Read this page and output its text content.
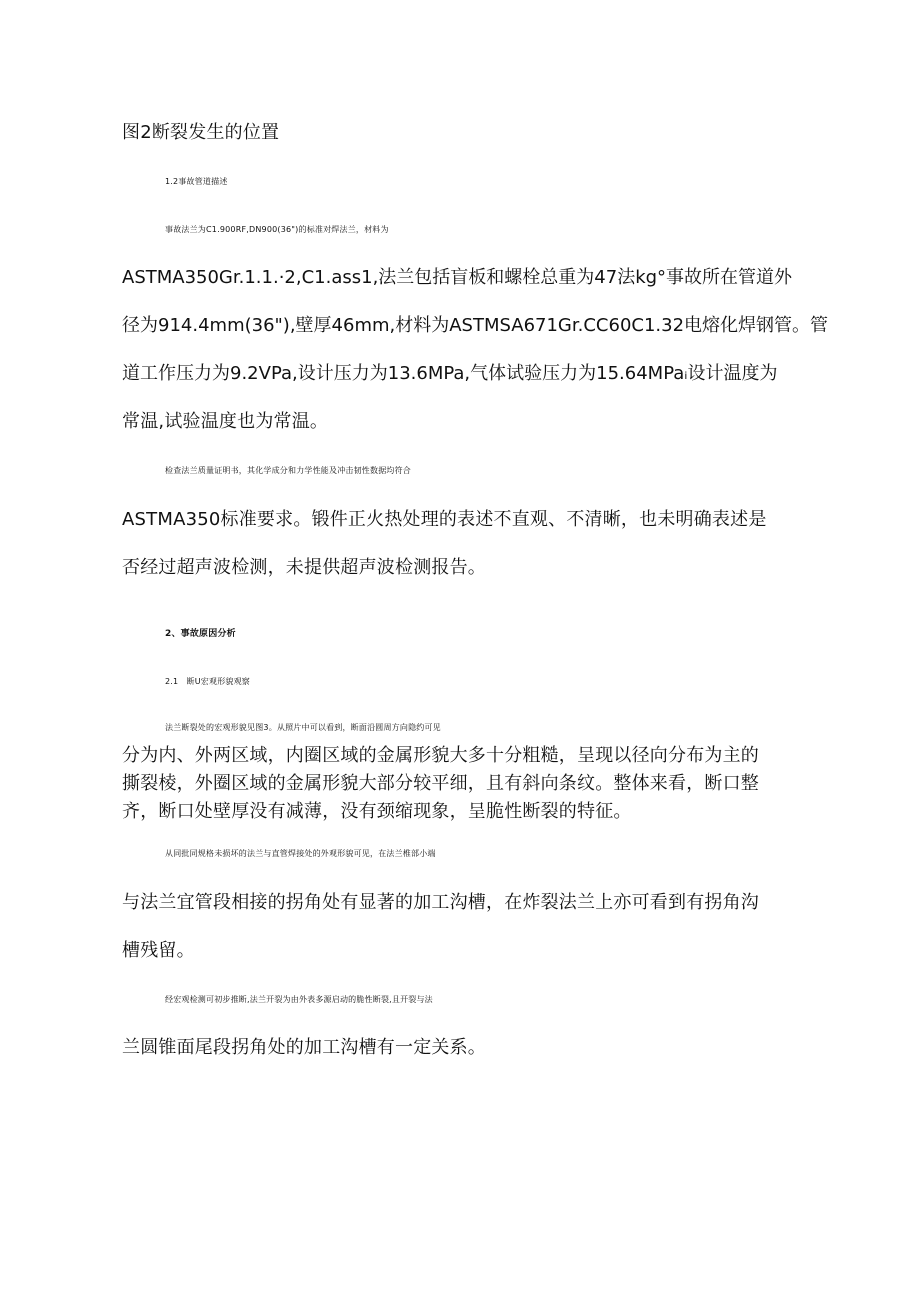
图2断裂发生的位置
1.2事故管道描述
事故法兰为C1.900RF,DN900(36")的标准对焊法兰，材料为
ASTMA350Gr.1.1.·2,C1.ass1,法兰包括盲板和螺栓总重为47法kg°事故所在管道外
径为914.4mm(36"),壁厚46mm,材料为ASTMSA671Gr.CC60C1.32电熔化焊钢管。管
道工作压力为9.2VPa,设计压力为13.6MPa,气体试验压力为15.64MPaᵢ设计温度为
常温,试验温度也为常温。
检查法兰质量证明书，其化学成分和力学性能及冲击韧性数据均符合
ASTMA350标准要求。锻件正火热处理的表述不直观、不清晰，也未明确表述是
否经过超声波检测，未提供超声波检测报告。
2、事故原因分析
2.1   断U宏观形貌观察
法兰断裂处的宏观形貌见图3。从照片中可以看到，断面沿圆周方向隐约可见
分为内、外两区域，内圈区域的金属形貌大多十分粗糙，呈现以径向分布为主的
撕裂棱，外圈区域的金属形貌大部分较平细，且有斜向条纹。整体来看，断口整
齐，断口处壁厚没有减薄，没有颈缩现象，呈脆性断裂的特征。
从同批同规格未损坏的法兰与直管焊接处的外观形貌可见，在法兰椎部小端
与法兰宜管段相接的拐角处有显著的加工沟槽，在炸裂法兰上亦可看到有拐角沟
槽残留。
经宏观检测可初步推断,法兰开裂为由外表多源启动的脆性断裂,且开裂与法
兰圆锥面尾段拐角处的加工沟槽有一定关系。
